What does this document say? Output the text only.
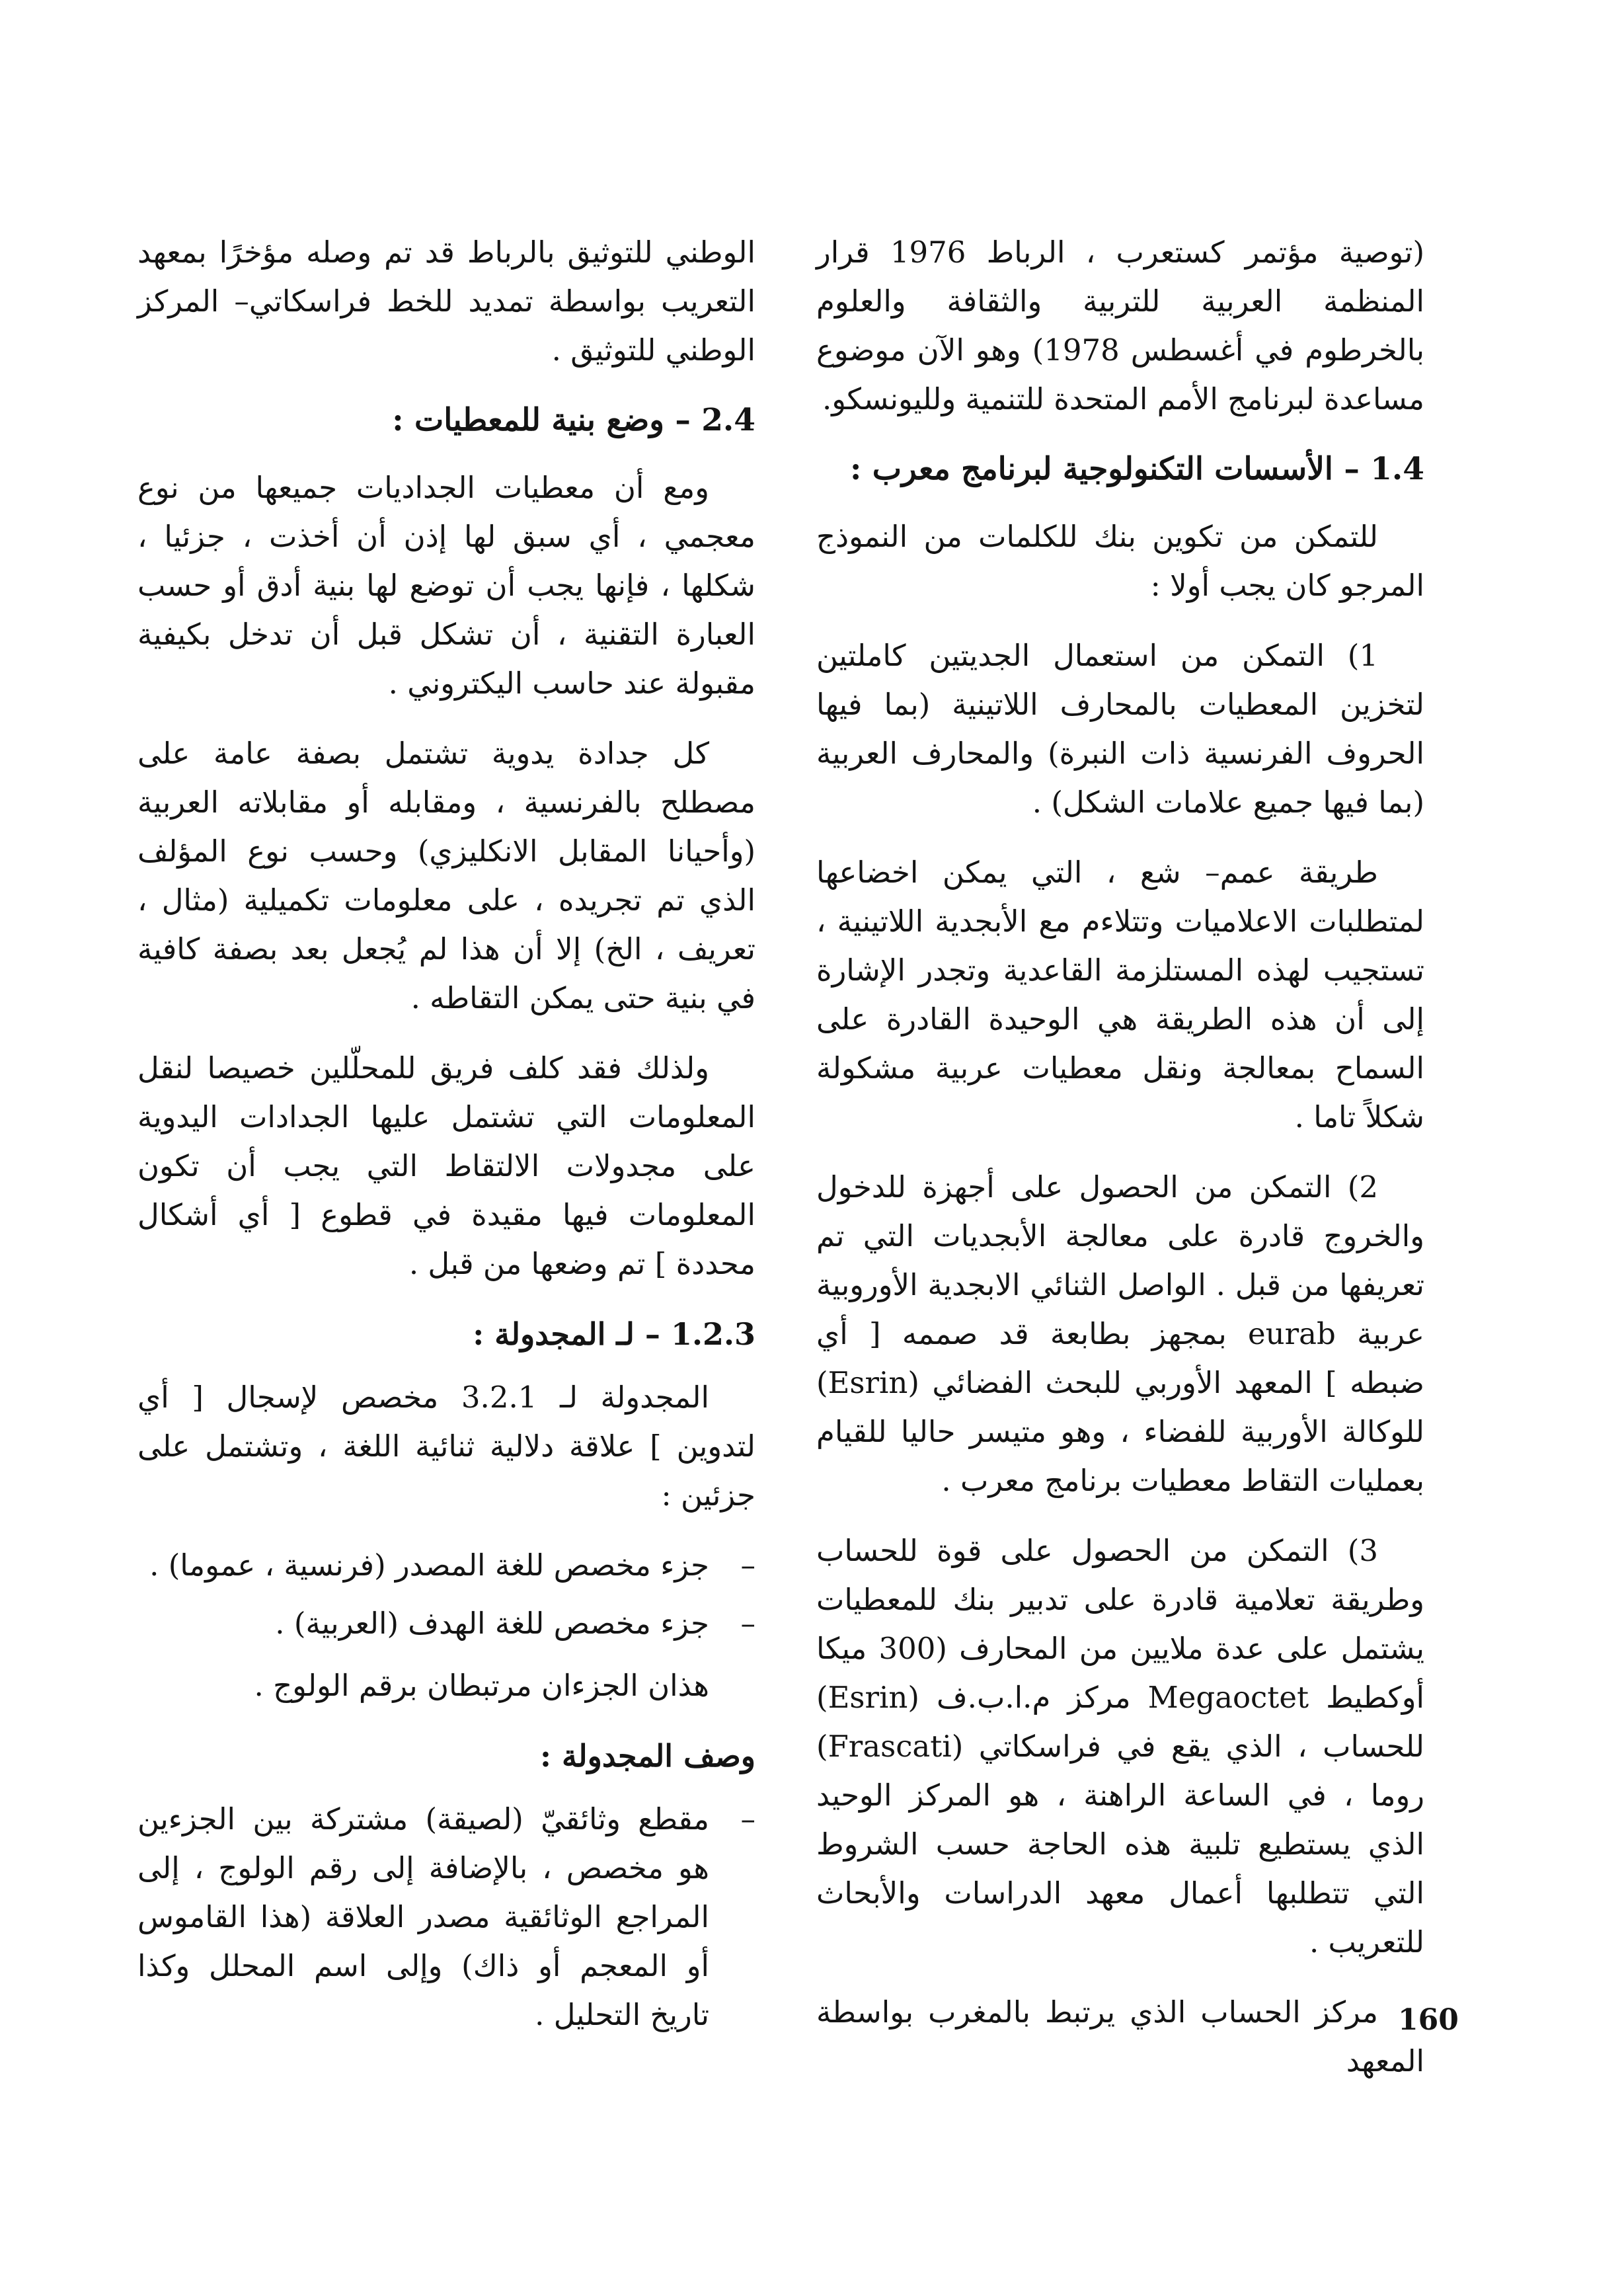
(توصية مؤتمر كستعرب ، الرباط 1976 قرار المنظمة العربية للتربية والثقافة والعلوم بالخرطوم في أغسطس 1978) وهو الآن موضوع مساعدة لبرنامج الأمم المتحدة للتنمية ولليونسكو.

1.4 – الأسسات التكنولوجية لبرنامج معرب :

للتمكن من تكوين بنك للكلمات من النموذج المرجو كان يجب أولا :

1) التمكن من استعمال الجديتين كاملتين لتخزين المعطيات بالمحارف اللاتينية (بما فيها الحروف الفرنسية ذات النبرة) والمحارف العربية (بما فيها جميع علامات الشكل) .

طريقة عمم– شع ، التي يمكن اخضاعها لمتطلبات الاعلاميات وتتلاءم مع الأبجدية اللاتينية ، تستجيب لهذه المستلزمة القاعدية وتجدر الإشارة إلى أن هذه الطريقة هي الوحيدة القادرة على السماح بمعالجة ونقل معطيات عربية مشكولة شكلاً تاما .

2) التمكن من الحصول على أجهزة للدخول والخروج قادرة على معالجة الأبجديات التي تم تعريفها من قبل . الواصل الثنائي الابجدية الأوروبية عربية eurab بمجهز بطابعة قد صممه [ أي ضبطه ] المعهد الأوربي للبحث الفضائي (Esrin) للوكالة الأوربية للفضاء ، وهو متيسر حاليا للقيام بعمليات التقاط معطيات برنامج معرب .

3) التمكن من الحصول على قوة للحساب وطريقة تعلامية قادرة على تدبير بنك للمعطيات يشتمل على عدة ملايين من المحارف (300 ميكا أوكطيط Megaoctet مركز م.ا.ب.ف (Esrin) للحساب ، الذي يقع في فراسكاتي (Frascati) روما ، في الساعة الراهنة ، هو المركز الوحيد الذي يستطيع تلبية هذه الحاجة حسب الشروط التي تتطلبها أعمال معهد الدراسات والأبحاث للتعريب .

مركز الحساب الذي يرتبط بالمغرب بواسطة المعهد

الوطني للتوثيق بالرباط قد تم وصله مؤخرًا بمعهد التعريب بواسطة تمديد للخط فراسكاتي– المركز الوطني للتوثيق .

2.4 – وضع بنية للمعطيات :

ومع أن معطيات الجداديات جميعها من نوع معجمي ، أي سبق لها إذن أن أخذت ، جزئيا ، شكلها ، فإنها يجب أن توضع لها بنية أدق أو حسب العبارة التقنية ، أن تشكل قبل أن تدخل بكيفية مقبولة عند حاسب اليكتروني .

كل جدادة يدوية تشتمل بصفة عامة على مصطلح بالفرنسية ، ومقابله أو مقابلاته العربية (وأحيانا المقابل الانكليزي) وحسب نوع المؤلف الذي تم تجريده ، على معلومات تكميلية (مثال ، تعريف ، الخ) إلا أن هذا لم يُجعل بعد بصفة كافية في بنية حتى يمكن التقاطه .

ولذلك فقد كلف فريق للمحلّلين خصيصا لنقل المعلومات التي تشتمل عليها الجدادات اليدوية على مجدولات الالتقاط التي يجب أن تكون المعلومات فيها مقيدة في قطوع [ أي أشكال محددة ] تم وضعها من قبل .

1.2.3 – لـ المجدولة :

المجدولة لـ 3.2.1 مخصص لإسجال [ أي لتدوين ] علاقة دلالية ثنائية اللغة ، وتشتمل على جزئين :

–
جزء مخصص للغة المصدر (فرنسية ، عموما) .
–
جزء مخصص للغة الهدف (العربية) .

هذان الجزءان مرتبطان برقم الولوج .

وصف المجدولة :
–
مقطع وثائقيّ (لصيقة) مشتركة بين الجزءين هو مخصص ، بالإضافة إلى رقم الولوج ، إلى المراجع الوثائقية مصدر العلاقة (هذا القاموس أو المعجم أو ذاك) وإلى اسم المحلل وكذا تاريخ التحليل .	160
